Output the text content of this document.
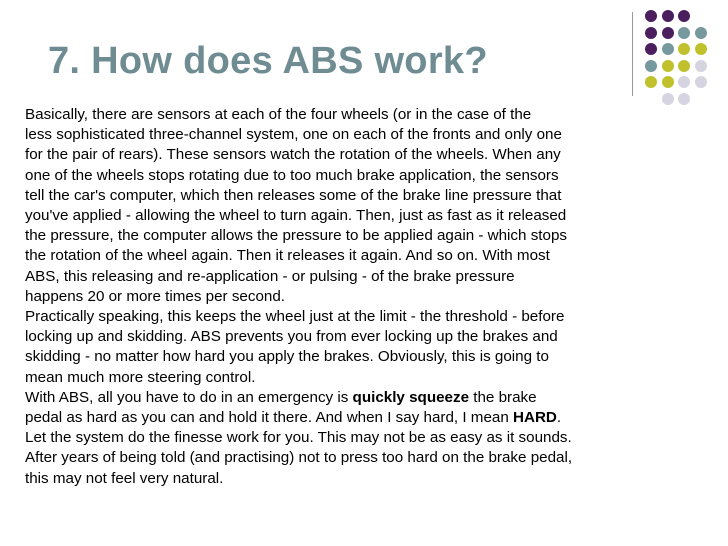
7. How does ABS work?
Basically, there are sensors at each of the four wheels (or in the case of the
less sophisticated three-channel system, one on each of the fronts and only one
for the pair of rears). These sensors watch the rotation of the wheels. When any
one of the wheels stops rotating due to too much brake application, the sensors
tell the car's computer, which then releases some of the brake line pressure that
you've applied - allowing the wheel to turn again. Then, just as fast as it released
the pressure, the computer allows the pressure to be applied again - which stops
the rotation of the wheel again. Then it releases it again. And so on. With most
ABS, this releasing and re-application - or pulsing - of the brake pressure
happens 20 or more times per second.
Practically speaking, this keeps the wheel just at the limit - the threshold - before
locking up and skidding. ABS prevents you from ever locking up the brakes and
skidding - no matter how hard you apply the brakes. Obviously, this is going to
mean much more steering control.
With ABS, all you have to do in an emergency is quickly squeeze the brake
pedal as hard as you can and hold it there. And when I say hard, I mean HARD.
Let the system do the finesse work for you. This may not be as easy as it sounds.
After years of being told (and practising) not to press too hard on the brake pedal,
this may not feel very natural.
